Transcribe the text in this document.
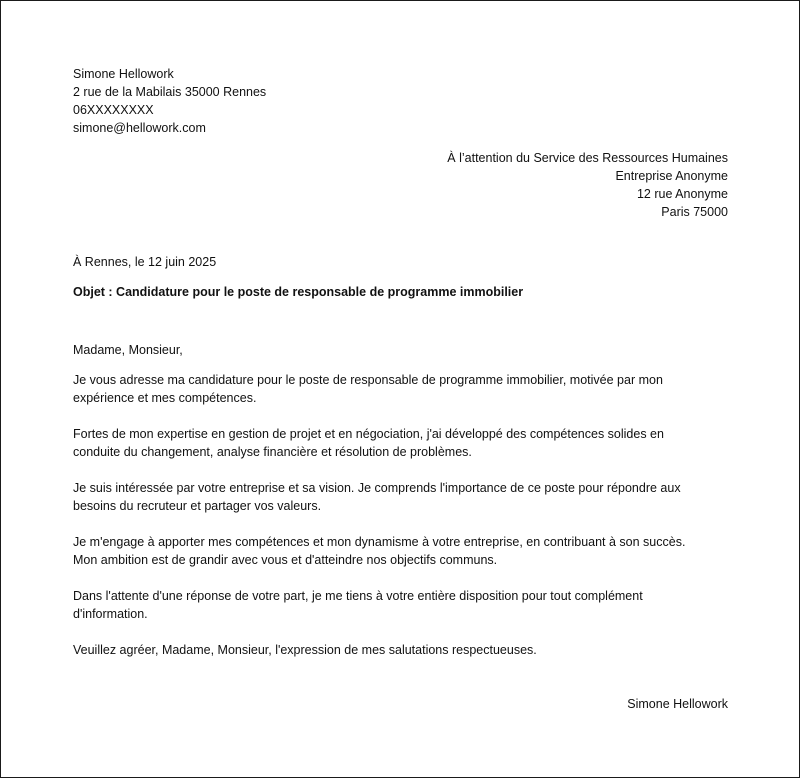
Simone Hellowork
2 rue de la Mabilais 35000 Rennes
06XXXXXXXX
simone@hellowork.com
À l’attention du Service des Ressources Humaines
Entreprise Anonyme
12 rue Anonyme
Paris 75000
À Rennes, le 12 juin 2025
Objet : Candidature pour le poste de responsable de programme immobilier
Madame, Monsieur,
Je vous adresse ma candidature pour le poste de responsable de programme immobilier, motivée par mon
expérience et mes compétences.
Fortes de mon expertise en gestion de projet et en négociation, j'ai développé des compétences solides en
conduite du changement, analyse financière et résolution de problèmes.
Je suis intéressée par votre entreprise et sa vision. Je comprends l'importance de ce poste pour répondre aux
besoins du recruteur et partager vos valeurs.
Je m'engage à apporter mes compétences et mon dynamisme à votre entreprise, en contribuant à son succès.
Mon ambition est de grandir avec vous et d'atteindre nos objectifs communs.
Dans l'attente d'une réponse de votre part, je me tiens à votre entière disposition pour tout complément
d'information.
Veuillez agréer, Madame, Monsieur, l'expression de mes salutations respectueuses.
Simone Hellowork
